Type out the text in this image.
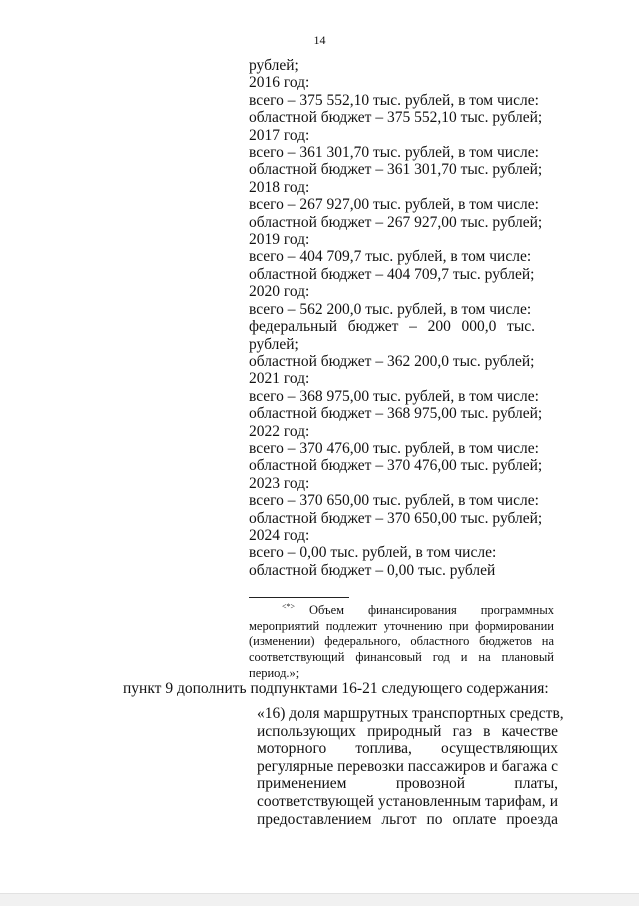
14
рублей;
2016 год:
всего – 375 552,10 тыс. рублей, в том числе:
областной бюджет – 375 552,10 тыс. рублей;
2017 год:
всего – 361 301,70 тыс. рублей, в том числе:
областной бюджет – 361 301,70 тыс. рублей;
2018 год:
всего – 267 927,00 тыс. рублей, в том числе:
областной бюджет – 267 927,00 тыс. рублей;
2019 год:
всего – 404 709,7 тыс. рублей, в том числе:
областной бюджет – 404 709,7 тыс. рублей;
2020 год:
всего – 562 200,0 тыс. рублей, в том числе:
федеральный бюджет – 200 000,0 тыс.
рублей;
областной бюджет – 362 200,0 тыс. рублей;
2021 год:
всего – 368 975,00 тыс. рублей, в том числе:
областной бюджет – 368 975,00 тыс. рублей;
2022 год:
всего – 370 476,00 тыс. рублей, в том числе:
областной бюджет – 370 476,00 тыс. рублей;
2023 год:
всего – 370 650,00 тыс. рублей, в том числе:
областной бюджет – 370 650,00 тыс. рублей;
2024 год:
всего – 0,00 тыс. рублей, в том числе:
областной бюджет – 0,00 тыс. рублей
<*> Объем финансирования программных мероприятий подлежит уточнению при формировании (изменении) федерального, областного бюджетов на соответствующий финансовый год и на плановый период.»;
пункт 9 дополнить подпунктами 16-21 следующего содержания:
«16) доля маршрутных транспортных средств,
использующих природный газ в качестве
моторного топлива, осуществляющих
регулярные перевозки пассажиров и багажа с
применением провозной платы,
соответствующей установленным тарифам, и
предоставлением льгот по оплате проезда
